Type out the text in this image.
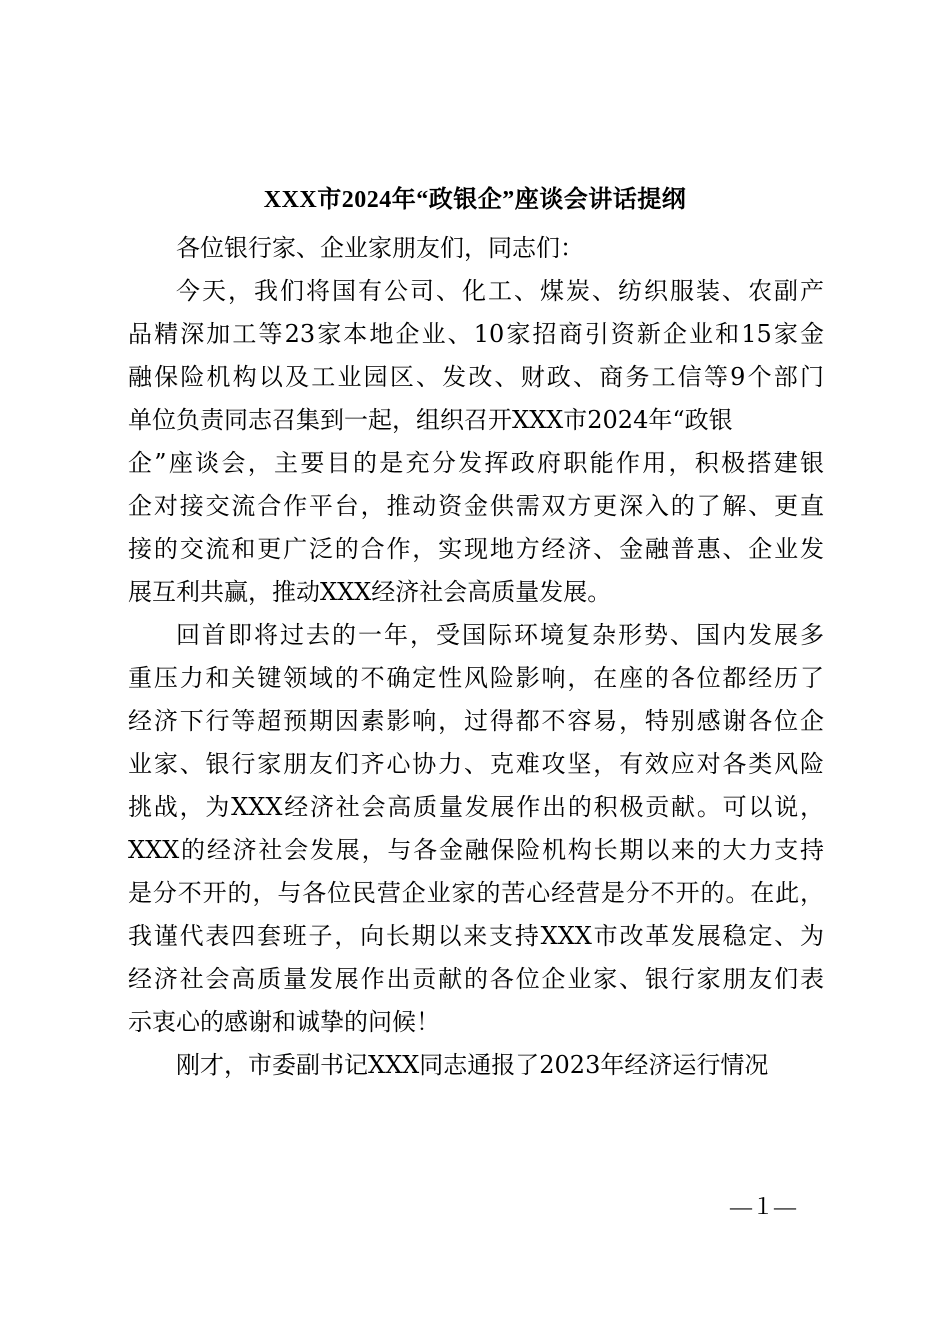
XXX市2024年“政银企”座谈会讲话提纲
各位银行家、企业家朋友们，同志们：
今天，我们将国有公司、化工、煤炭、纺织服装、农副产
品精深加工等23家本地企业、10家招商引资新企业和15家金
融保险机构以及工业园区、发改、财政、商务工信等9个部门
单位负责同志召集到一起，组织召开XXX市2024年“政银
企”座谈会，主要目的是充分发挥政府职能作用，积极搭建银
企对接交流合作平台，推动资金供需双方更深入的了解、更直
接的交流和更广泛的合作，实现地方经济、金融普惠、企业发
展互利共赢，推动XXX经济社会高质量发展。
回首即将过去的一年，受国际环境复杂形势、国内发展多
重压力和关键领域的不确定性风险影响，在座的各位都经历了
经济下行等超预期因素影响，过得都不容易，特别感谢各位企
业家、银行家朋友们齐心协力、克难攻坚，有效应对各类风险
挑战，为XXX经济社会高质量发展作出的积极贡献。可以说，
XXX的经济社会发展，与各金融保险机构长期以来的大力支持
是分不开的，与各位民营企业家的苦心经营是分不开的。在此，
我谨代表四套班子，向长期以来支持XXX市改革发展稳定、为
经济社会高质量发展作出贡献的各位企业家、银行家朋友们表
示衷心的感谢和诚挚的问候！
刚才，市委副书记XXX同志通报了2023年经济运行情况
—１—
